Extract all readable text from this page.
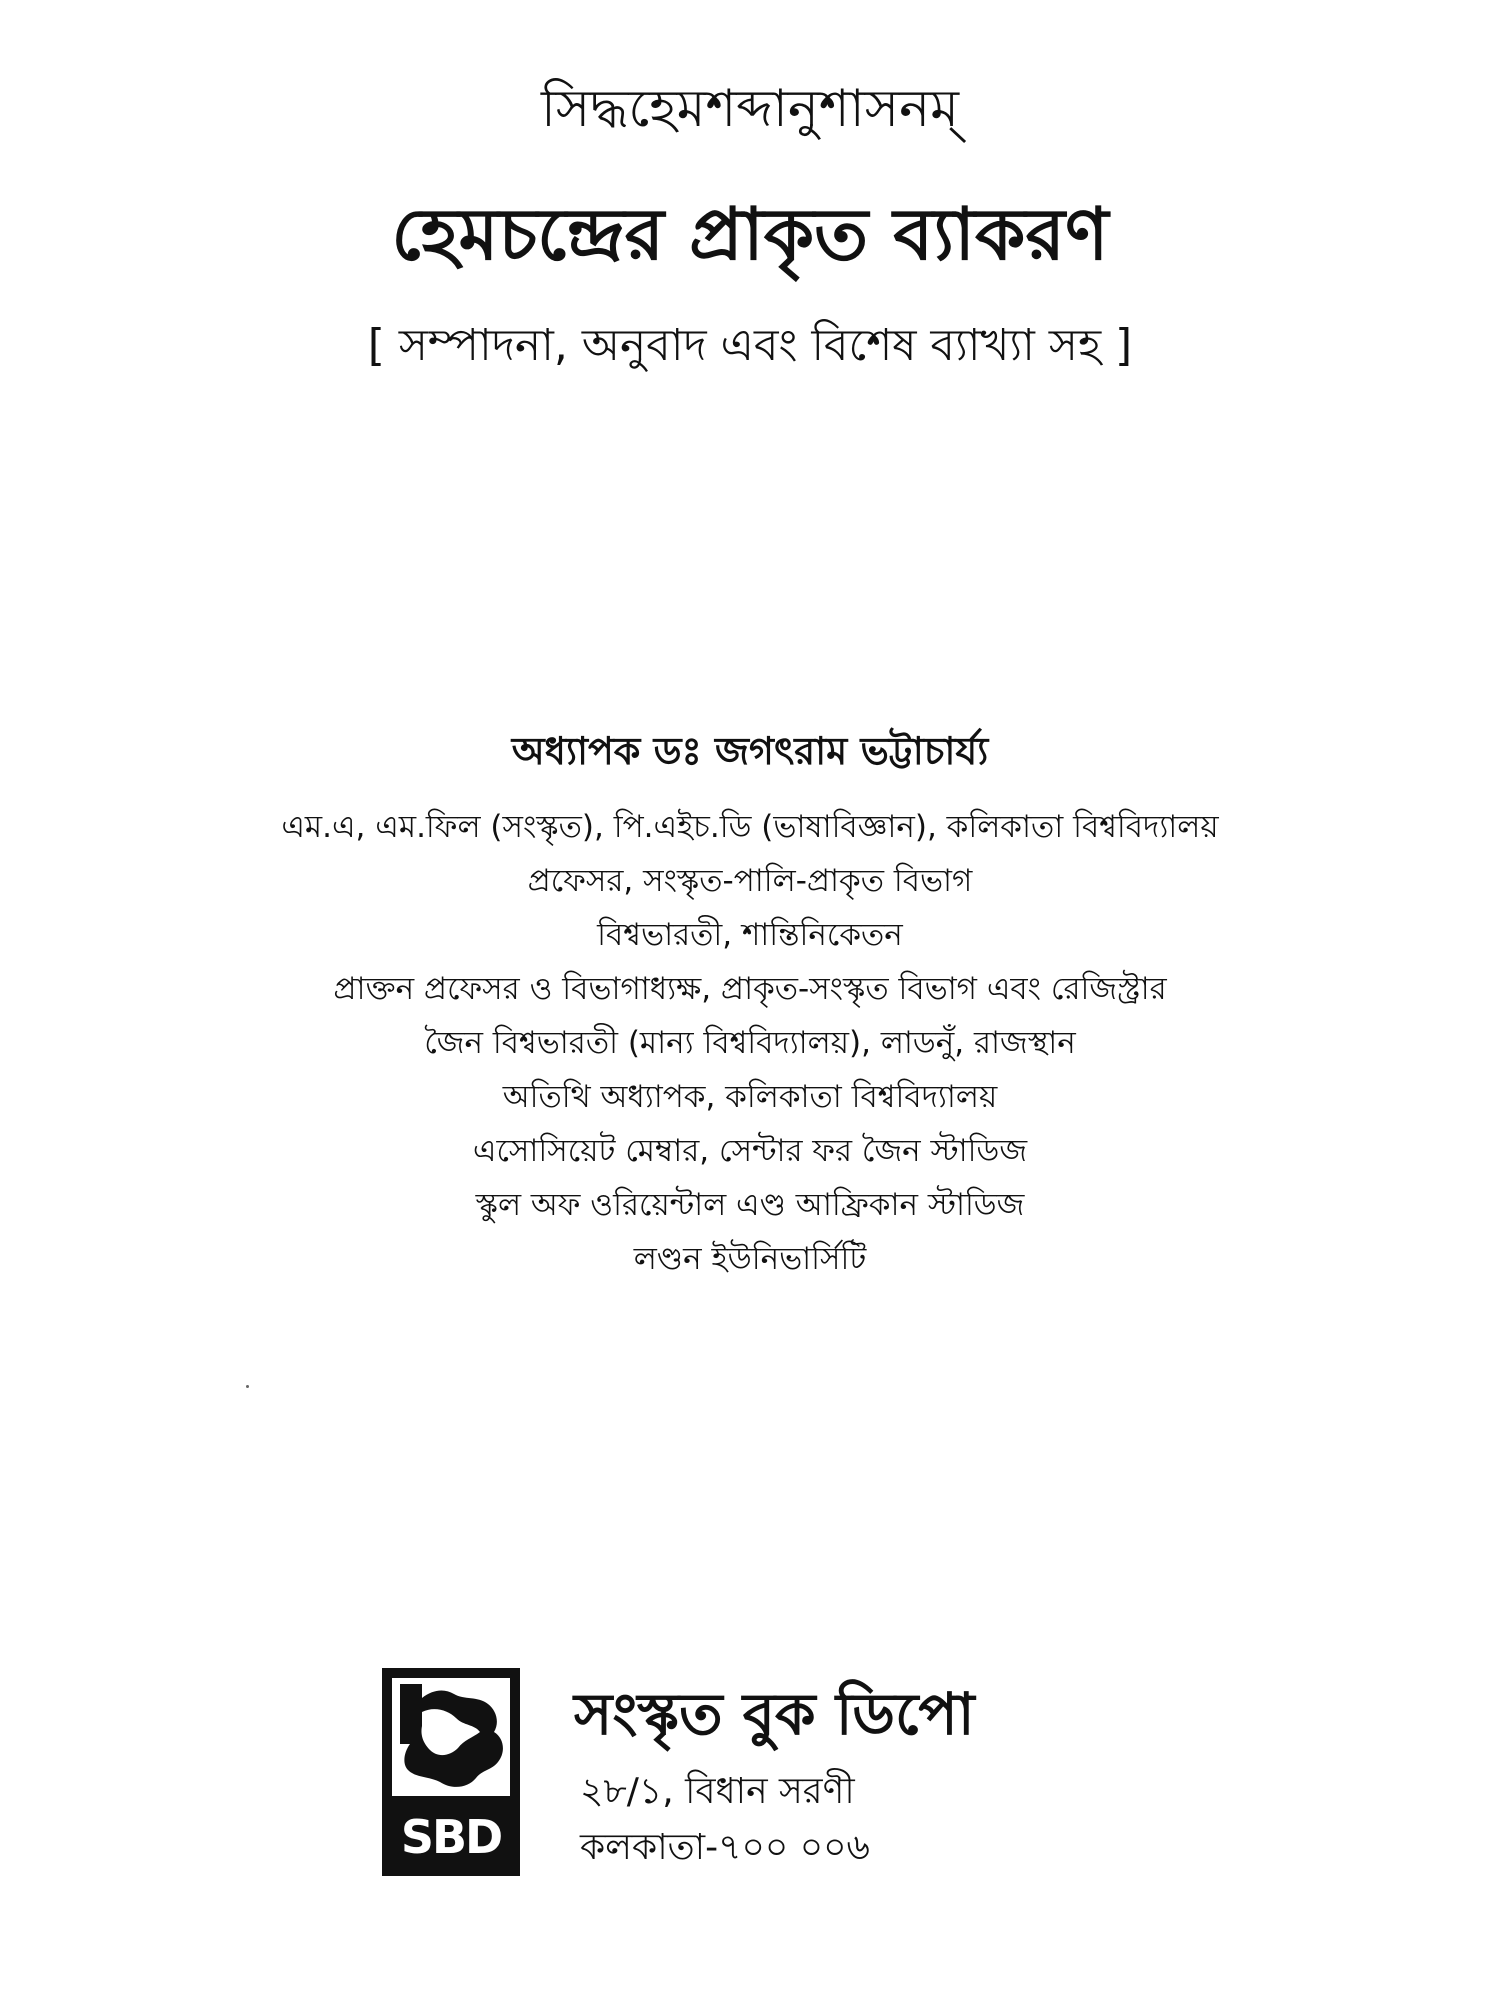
সিদ্ধহেমশব্দানুশাসনম্
হেমচন্দ্রের প্রাকৃত ব্যাকরণ
[ সম্পাদনা, অনুবাদ এবং বিশেষ ব্যাখ্যা সহ ]
অধ্যাপক ডঃ জগৎরাম ভট্টাচার্য্য
এম.এ, এম.ফিল (সংস্কৃত), পি.এইচ.ডি (ভাষাবিজ্ঞান), কলিকাতা বিশ্ববিদ্যালয়
প্রফেসর, সংস্কৃত-পালি-প্রাকৃত বিভাগ
বিশ্বভারতী, শান্তিনিকেতন
প্রাক্তন প্রফেসর ও বিভাগাধ্যক্ষ, প্রাকৃত-সংস্কৃত বিভাগ এবং রেজিস্ট্রার
জৈন বিশ্বভারতী (মান্য বিশ্ববিদ্যালয়), লাডনুঁ, রাজস্থান
অতিথি অধ্যাপক, কলিকাতা বিশ্ববিদ্যালয়
এসোসিয়েট মেম্বার, সেন্টার ফর জৈন স্টাডিজ
স্কুল অফ ওরিয়েন্টাল এণ্ড আফ্রিকান স্টাডিজ
লণ্ডন ইউনিভার্সিটি
SBD
সংস্কৃত বুক ডিপো
২৮/১, বিধান সরণী
কলকাতা-৭০০ ০০৬
